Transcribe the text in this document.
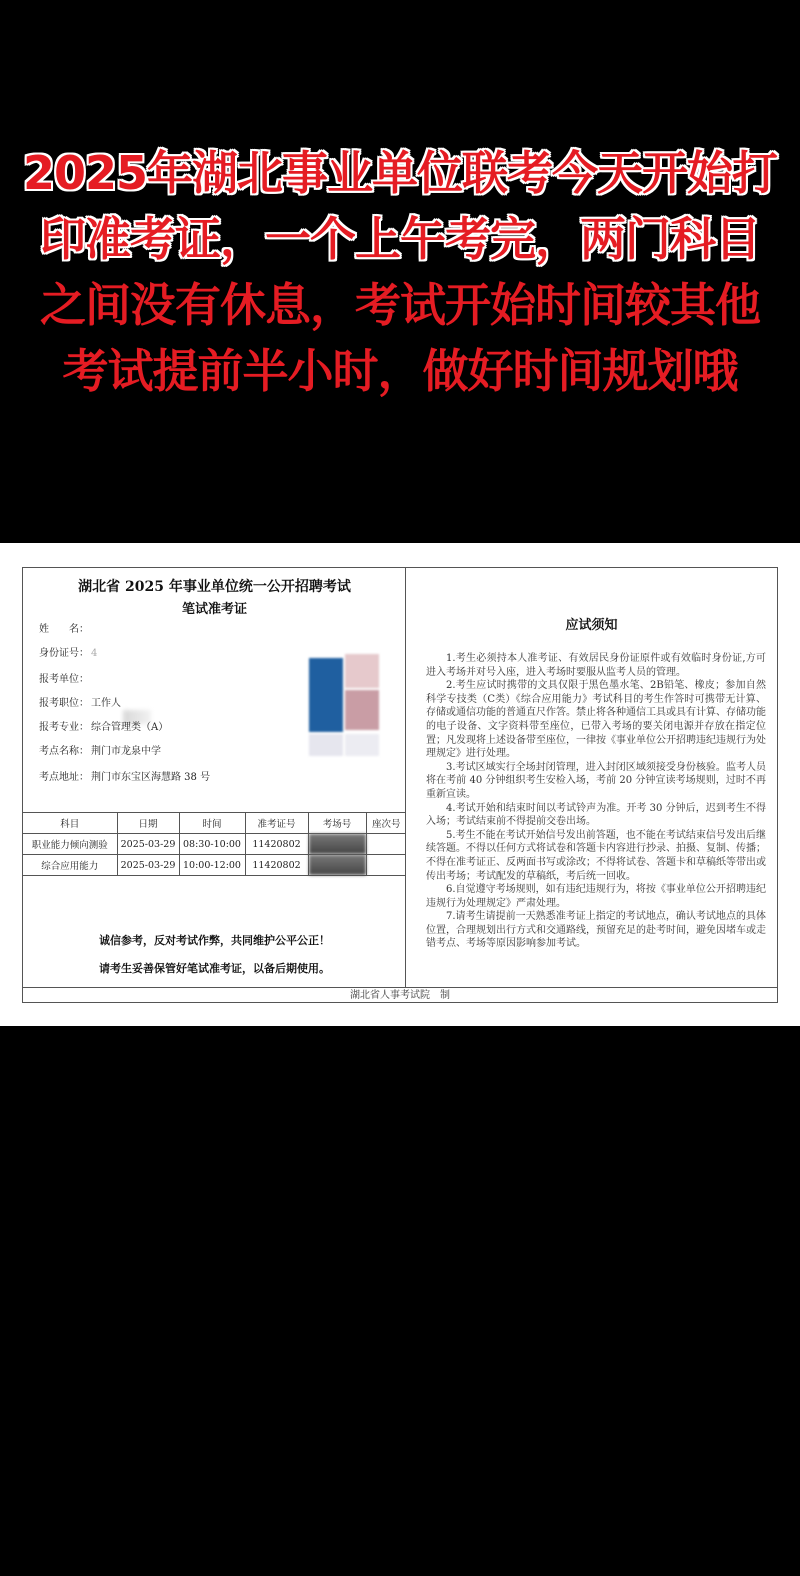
2025年湖北事业单位联考今天开始打
印准考证，一个上午考完，两门科目
之间没有休息，考试开始时间较其他
考试提前半小时，做好时间规划哦
湖北省 2025 年事业单位统一公开招聘考试
笔试准考证
姓　　名：
身份证号： 4
报考单位：
报考职位： 工作人
报考专业： 综合管理类（A）
考点名称： 荆门市龙泉中学
考点地址： 荆门市东宝区海慧路 38 号
科目	日期	时间	准考证号	考场号	座次号
职业能力倾向测验	2025-03-29	08:30-10:00	11420802		
综合应用能力	2025-03-29	10:00-12:00	11420802		
诚信参考，反对考试作弊，共同维护公平公正！
请考生妥善保管好笔试准考证，以备后期使用。
应试须知
1.考生必须持本人准考证、有效居民身份证原件或有效临时身份证,方可进入考场并对号入座，进入考场时要服从监考人员的管理。
2.考生应试时携带的文具仅限于黑色墨水笔、2B铅笔、橡皮；参加自然科学专技类（C类）《综合应用能力》考试科目的考生作答时可携带无计算、存储或通信功能的普通直尺作答。禁止将各种通信工具或具有计算、存储功能的电子设备、文字资料带至座位，已带入考场的要关闭电源并存放在指定位置；凡发现将上述设备带至座位，一律按《事业单位公开招聘违纪违规行为处理规定》进行处理。
3.考试区域实行全场封闭管理，进入封闭区域须接受身份核验。监考人员将在考前 40 分钟组织考生安检入场，考前 20 分钟宣读考场规则，过时不再重新宣读。
4.考试开始和结束时间以考试铃声为准。开考 30 分钟后，迟到考生不得入场；考试结束前不得提前交卷出场。
5.考生不能在考试开始信号发出前答题，也不能在考试结束信号发出后继续答题。不得以任何方式将试卷和答题卡内容进行抄录、拍摄、复制、传播；不得在准考证正、反两面书写或涂改；不得将试卷、答题卡和草稿纸等带出或传出考场；考试配发的草稿纸，考后统一回收。
6.自觉遵守考场规则，如有违纪违规行为，将按《事业单位公开招聘违纪违规行为处理规定》严肃处理。
7.请考生请提前一天熟悉准考证上指定的考试地点，确认考试地点的具体位置，合理规划出行方式和交通路线，预留充足的赴考时间，避免因堵车或走错考点、考场等原因影响参加考试。
湖北省人事考试院　制
